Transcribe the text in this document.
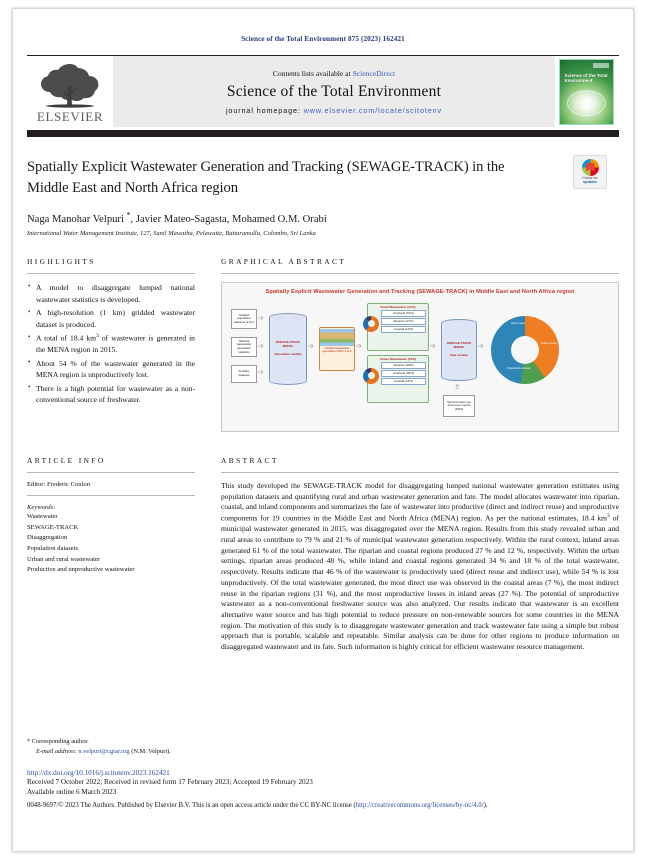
Science of the Total Environment 875 (2023) 162421
ELSEVIER
Contents lists available at ScienceDirect
Science of the Total Environment
journal homepage: www.elsevier.com/locate/scitotenv
Science of the Total Environment
Spatially Explicit Wastewater Generation and Tracking (SEWAGE-TRACK) in the Middle East and North Africa region
Naga Manohar Velpuri *, Javier Mateo-Sagasta, Mohamed O.M. Orabi
International Water Management Institute, 127, Sunil Mawatha, Pelawatte, Battaramulla, Colombo, Sri Lanka
Check for
updates
HIGHLIGHTS
• A model to disaggregate lumped national wastewater statistics is developed.
• A high-resolution (1 km) gridded wastewater dataset is produced.
• A total of 18.4 $km^3$ of wastewater is generated in the MENA region in 2015.
• About 54 % of the wastewater generated in the MENA region is unproductively lost.
• There is a high potential for wastewater as a non-conventional source of freshwater.
GRAPHICAL ABSTRACT
Spatially Explicit Wastewater Generation and Tracking (SEWAGE-TRACK) in Middle East and North Africa region
Gridded population datasets (1 km)
National wastewater generation statistics
Ancillary datasets
➩
➩
➩
SEWAGE-TRACK MODEL
Generation module
➩	Gridded wastewater generation 2015 (1 km)
➩
Rural Wastewater (21%)
Overland (61%)
Riparian (27%)
Coastal (12%)
Urban Wastewater (79%)
Riparian (48%)
Overland (34%)
Coastal (18%)
➩	SEWAGE-TRACK MODEL
Fate module
Sectoral water use and reuse reports (2015)
➩
➩
Direct reuse
Indirect reuse
Unproductive losses
ARTICLE INFO
Editor: Frederic Coulon
Keywords:
Wastewater
SEWAGE-TRACK
Disaggregation
Population datasets
Urban and rural wastewater
Productive and unproductive wastewater
ABSTRACT
This study developed the SEWAGE-TRACK model for disaggregating lumped national wastewater generation estimates using population datasets and quantifying rural and urban wastewater generation and fate. The model allocates wastewater into riparian, coastal, and inland components and summarizes the fate of wastewater into productive (direct and indirect reuse) and unproductive components for 19 countries in the Middle East and North Africa (MENA) region. As per the national estimates, 18.4 $km^3$ of municipal wastewater generated in 2015, was disaggregated over the MENA region. Results from this study revealed urban and rural areas to contribute to 79 % and 21 % of municipal wastewater generation respectively. Within the rural context, inland areas generated 61 % of the total wastewater. The riparian and coastal regions produced 27 % and 12 %, respectively. Within the urban settings, riparian areas produced 48 %, while inland and coastal regions generated 34 % and 18 % of the total wastewater, respectively. Results indicate that 46 % of the wastewater is productively used (direct reuse and indirect use), while 54 % is lost unproductively. Of the total wastewater generated, the most direct use was observed in the coastal areas (7 %), the most indirect reuse in the riparian regions (31 %), and the most unproductive losses in inland areas (27 %). The potential of unproductive wastewater as a non-conventional freshwater source was also analyzed. Our results indicate that wastewater is an excellent alternative water source and has high potential to reduce pressure on non-renewable sources for some countries in the MENA region. The motivation of this study is to disaggregate wastewater generation and track wastewater fate using a simple but robust approach that is portable, scalable and repeatable. Similar analysis can be done for other regions to produce information on disaggregated wastewater and its fate. Such information is highly critical for efficient wastewater resource management.
* Corresponding author.
E-mail address: n.velpuri@cgiar.org (N.M. Velpuri).
http://dx.doi.org/10.1016/j.scitotenv.2023.162421
Received 7 October 2022; Received in revised form 17 February 2023; Accepted 19 February 2023
Available online 6 March 2023
0048-9697/© 2023 The Authors. Published by Elsevier B.V. This is an open access article under the CC BY-NC license (http://creativecommons.org/licenses/by-nc/4.0/).
